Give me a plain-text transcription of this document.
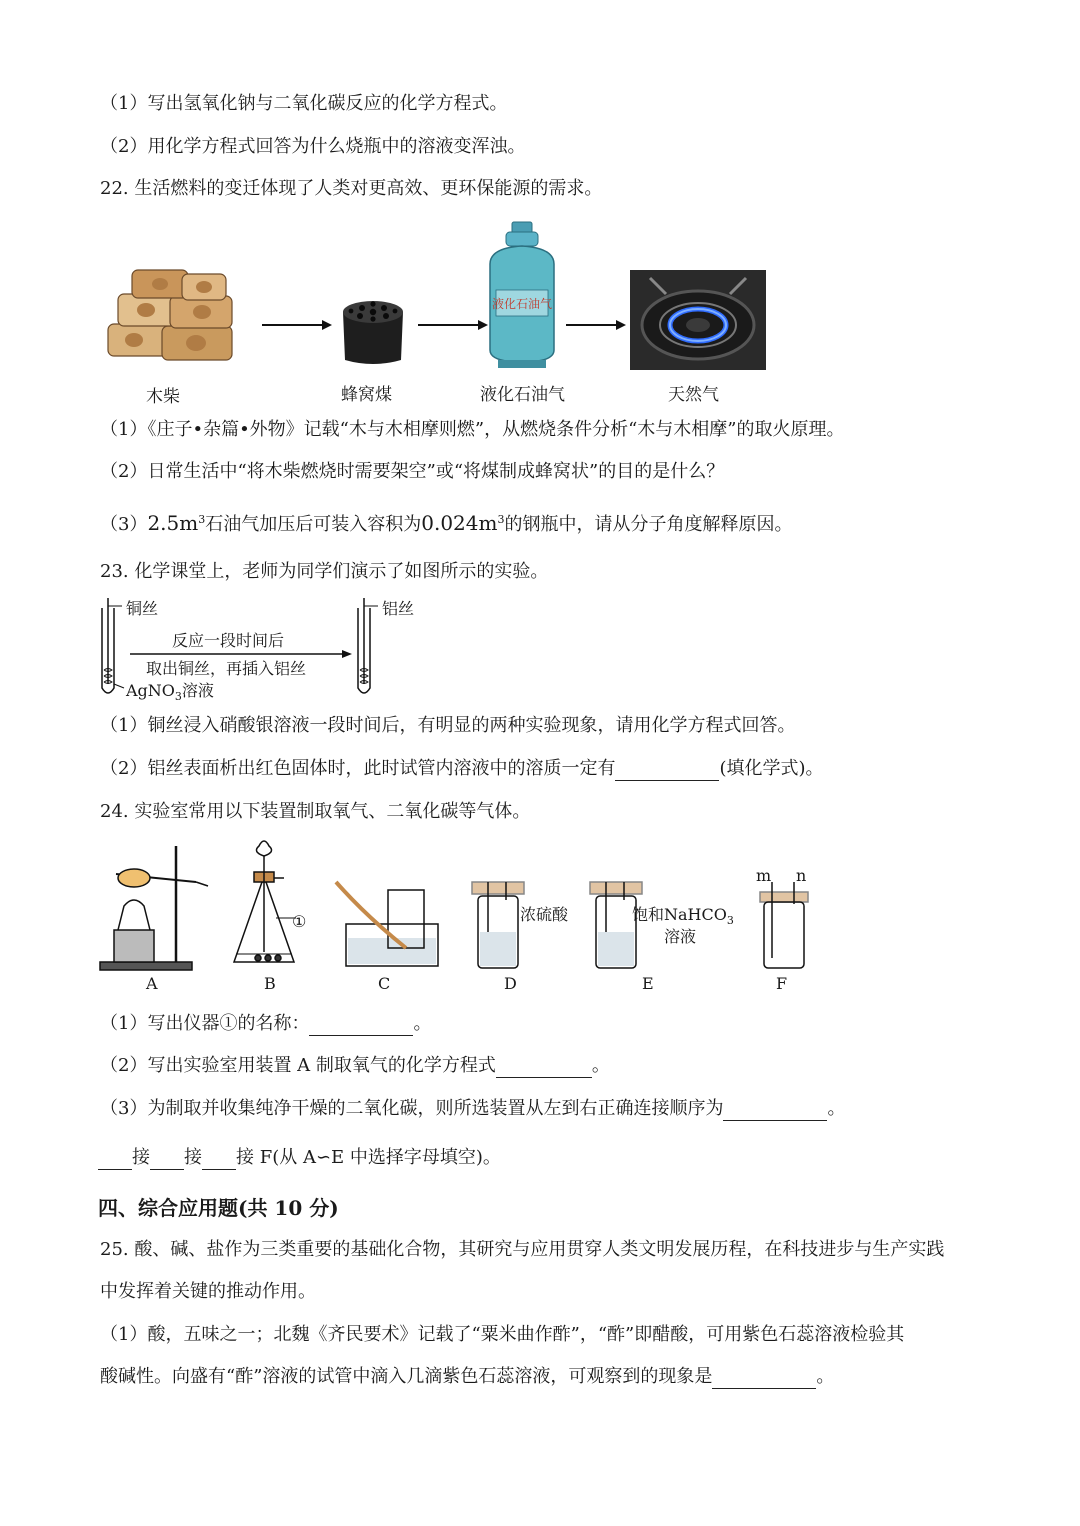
（1）写出氢氧化钠与二氧化碳反应的化学方程式。
（2）用化学方程式回答为什么烧瓶中的溶液变浑浊。
22. 生活燃料的变迁体现了人类对更高效、更环保能源的需求。
木柴	蜂窝煤
液化石油气
液化石油气	天然气
（1）《庄子•杂篇•外物》记载“木与木相摩则燃”，从燃烧条件分析“木与木相摩”的取火原理。
（2）日常生活中“将木柴燃烧时需要架空”或“将煤制成蜂窝状”的目的是什么？
$(3)2.5m^3$石油气加压后可装入容积为$0.024m^3$的钢瓶中，请从分子角度解释原因。
23. 化学课堂上，老师为同学们演示了如图所示的实验。
铜丝	铝丝
反应一段时间后
取出铜丝，再插入铝丝
AgNO$_3$溶液
（1）铜丝浸入硝酸银溶液一段时间后，有明显的两种实验现象，请用化学方程式回答。
（2）铝丝表面析出红色固体时，此时试管内溶液中的溶质一定有	(填化学式)。
24. 实验室常用以下装置制取氧气、二氧化碳等气体。
A	B	C	D	E	F
①	浓硫酸	饱和NaHCO$_3$
溶液
m n
（1）写出仪器①的名称：	。
（2）写出实验室用装置 A 制取氧气的化学方程式	。
（3）为制取并收集纯净干燥的二氧化碳，则所选装置从左到右正确连接顺序为	。
接 接 接 F(从 A∽E 中选择字母填空)。
四、综合应用题(共 10 分)
25. 酸、碱、盐作为三类重要的基础化合物，其研究与应用贯穿人类文明发展历程，在科技进步与生产实践
中发挥着关键的推动作用。
（1）酸，五味之一；北魏《齐民要术》记载了“粟米曲作酢”，“酢”即醋酸，可用紫色石蕊溶液检验其
酸碱性。向盛有“酢”溶液的试管中滴入几滴紫色石蕊溶液，可观察到的现象是	。
